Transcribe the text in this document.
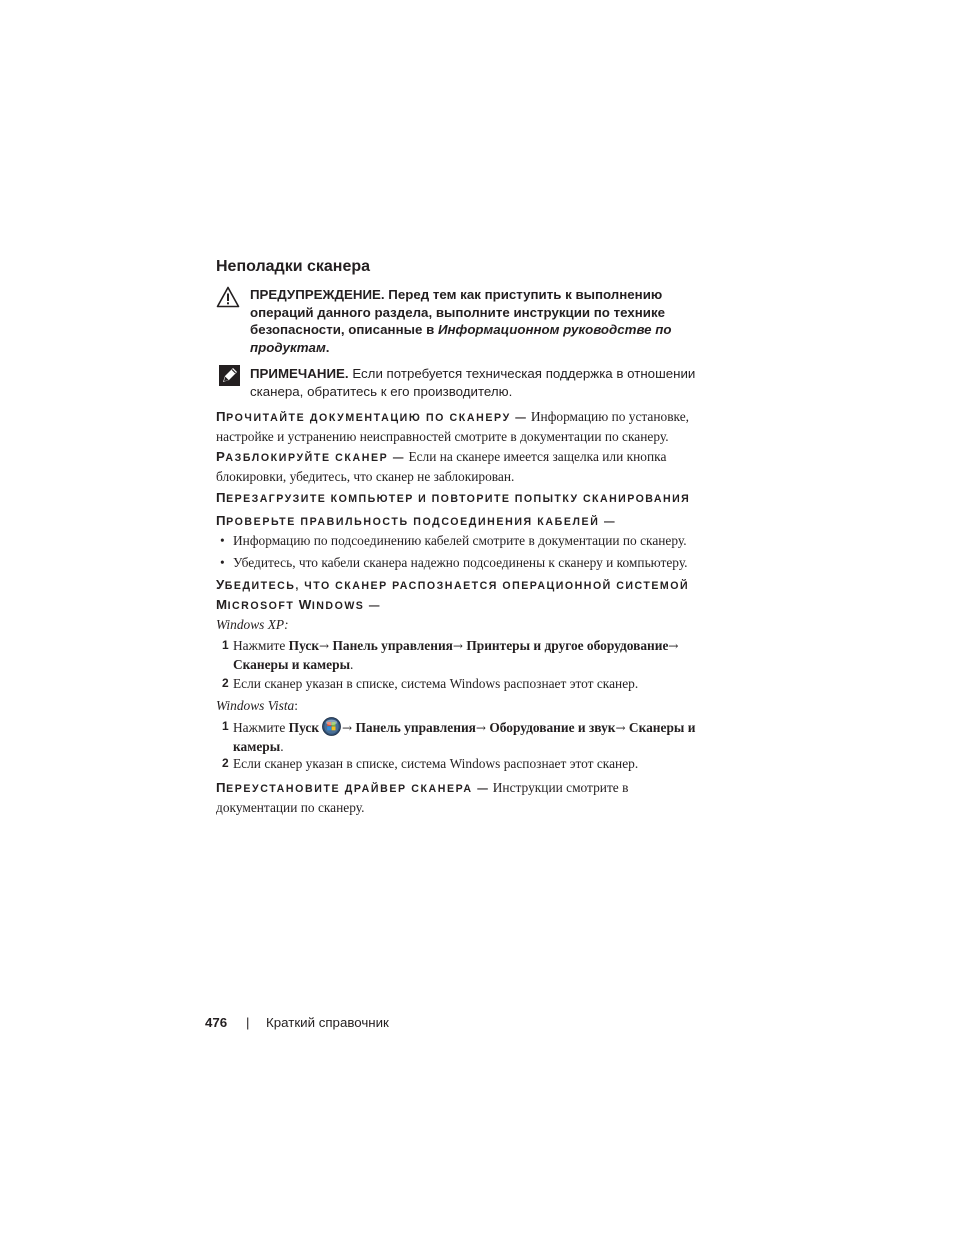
Неполадки сканера
ПРЕДУПРЕЖДЕНИЕ. Перед тем как приступить к выполнению операций данного раздела, выполните инструкции по технике безопасности, описанные в Информационном руководстве по продуктам.
ПРИМЕЧАНИЕ. Если потребуется техническая поддержка в отношении сканера, обратитесь к его производителю.
ПРОЧИТАЙТЕ ДОКУМЕНТАЦИЮ ПО СКАНЕРУ — Информацию по установке, настройке и устранению неисправностей смотрите в документации по сканеру.
РАЗБЛОКИРУЙТЕ СКАНЕР — Если на сканере имеется защелка или кнопка блокировки, убедитесь, что сканер не заблокирован.
ПЕРЕЗАГРУЗИТЕ КОМПЬЮТЕР И ПОВТОРИТЕ ПОПЫТКУ СКАНИРОВАНИЯ
ПРОВЕРЬТЕ ПРАВИЛЬНОСТЬ ПОДСОЕДИНЕНИЯ КАБЕЛЕЙ —
• Информацию по подсоединению кабелей смотрите в документации по сканеру.
• Убедитесь, что кабели сканера надежно подсоединены к сканеру и компьютеру.
УБЕДИТЕСЬ, ЧТО СКАНЕР РАСПОЗНАЕТСЯ ОПЕРАЦИОННОЙ СИСТЕМОЙ
MICROSOFT WINDOWS —
Windows XP:
1 Нажмите Пуск→ Панель управления→ Принтеры и другое оборудование→ Сканеры и камеры.
2 Если сканер указан в списке, система Windows распознает этот сканер.
Windows Vista:
1 Нажмите Пуск → Панель управления→ Оборудование и звук→ Сканеры и камеры.
2 Если сканер указан в списке, система Windows распознает этот сканер.
ПЕРЕУСТАНОВИТЕ ДРАЙВЕР СКАНЕРА — Инструкции смотрите в документации по сканеру.
476 | Краткий справочник
